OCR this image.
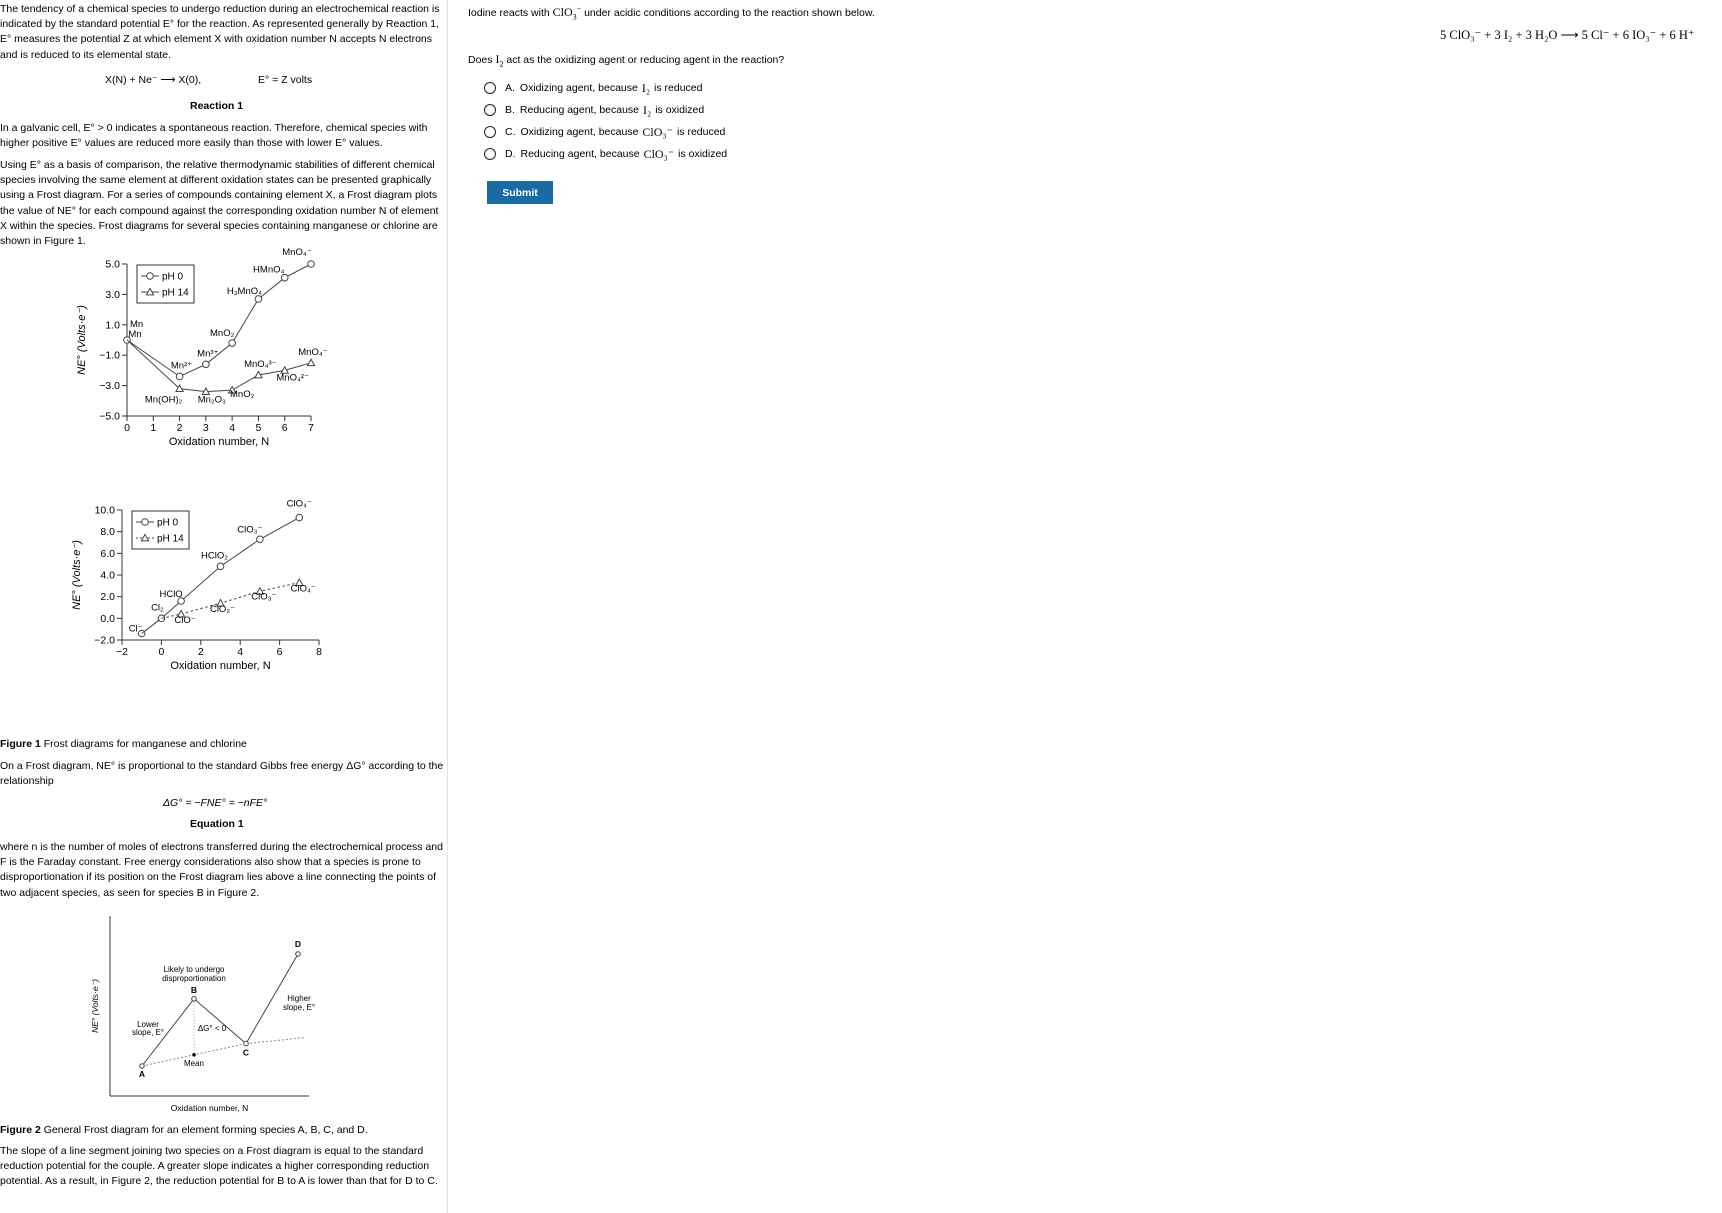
The tendency of a chemical species to undergo reduction during an electrochemical reaction is indicated by the standard potential E° for the reaction. As represented generally by Reaction 1, E° measures the potential Z at which element X with oxidation number N accepts N electrons and is reduced to its elemental state.

X(N) + Ne⁻ ⟶ X(0),	E° = Z volts
Reaction 1

In a galvanic cell, E° > 0 indicates a spontaneous reaction. Therefore, chemical species with higher positive E° values are reduced more easily than those with lower E° values.

Using E° as a basis of comparison, the relative thermodynamic stabilities of different chemical species involving the same element at different oxidation states can be presented graphically using a Frost diagram. For a series of compounds containing element X, a Frost diagram plots the value of NE° for each compound against the corresponding oxidation number N of element X within the species. Frost diagrams for several species containing manganese or chlorine are shown in Figure 1.

5.0
3.0
1.0
−1.0
−3.0
−5.0
0 1 2 3 4 5 6 7
Oxidation number, N
NE° (Volts·e⁻)
pH 0
pH 14
Mn
Mn²⁺
Mn³⁺
MnO₂
H₃MnO₄
HMnO₄
MnO₄⁻
Mn(OH)₂ Mn₂O₃
MnO₂
MnO₄³⁻
MnO₄²⁻
MnO₄⁻
Mn
10.0
8.0
6.0
4.0
2.0
0.0
−2.0
−2	0	2	4	6	8
Oxidation number, N
NE° (Volts·e⁻)
pH 0
pH 14
Cl⁻
Cl₂
HClO
HClO₂
ClO₃⁻
ClO₄⁻
ClO⁻
ClO₂⁻
ClO₃⁻
ClO₄⁻
Figure 1 Frost diagrams for manganese and chlorine

On a Frost diagram, NE° is proportional to the standard Gibbs free energy ΔG° according to the relationship

ΔG° = −FNE° = −nFE°
Equation 1

where n is the number of moles of electrons transferred during the electrochemical process and F is the Faraday constant. Free energy considerations also show that a species is prone to disproportionation if its position on the Frost diagram lies above a line connecting the points of two adjacent species, as seen for species B in Figure 2.

Oxidation number, N
NE° (Volts·e⁻)
A
B
C
D
Likely to undergo
disproportionation
Lower
slope, E°
Higher
slope, E°
ΔG° < 0
Mean
Figure 2 General Frost diagram for an element forming species A, B, C, and D.

The slope of a line segment joining two species on a Frost diagram is equal to the standard reduction potential for the couple. A greater slope indicates a higher corresponding reduction potential. As a result, in Figure 2, the reduction potential for B to A is lower than that for D to C.

Iodine reacts with ClO$_3$− under acidic conditions according to the reaction shown below.
5 ClO₃⁻ + 3 I₂ + 3 H₂O ⟶ 5 Cl⁻ + 6 IO₃⁻ + 6 H⁺
Does $I_2$ act as the oxidizing agent or reducing agent in the reaction?
A. Oxidizing agent, because I₂ is reduced
B. Reducing agent, because I₂ is oxidized
C. Oxidizing agent, because ClO₃⁻ is reduced
D. Reducing agent, because ClO₃⁻ is oxidized
Submit
